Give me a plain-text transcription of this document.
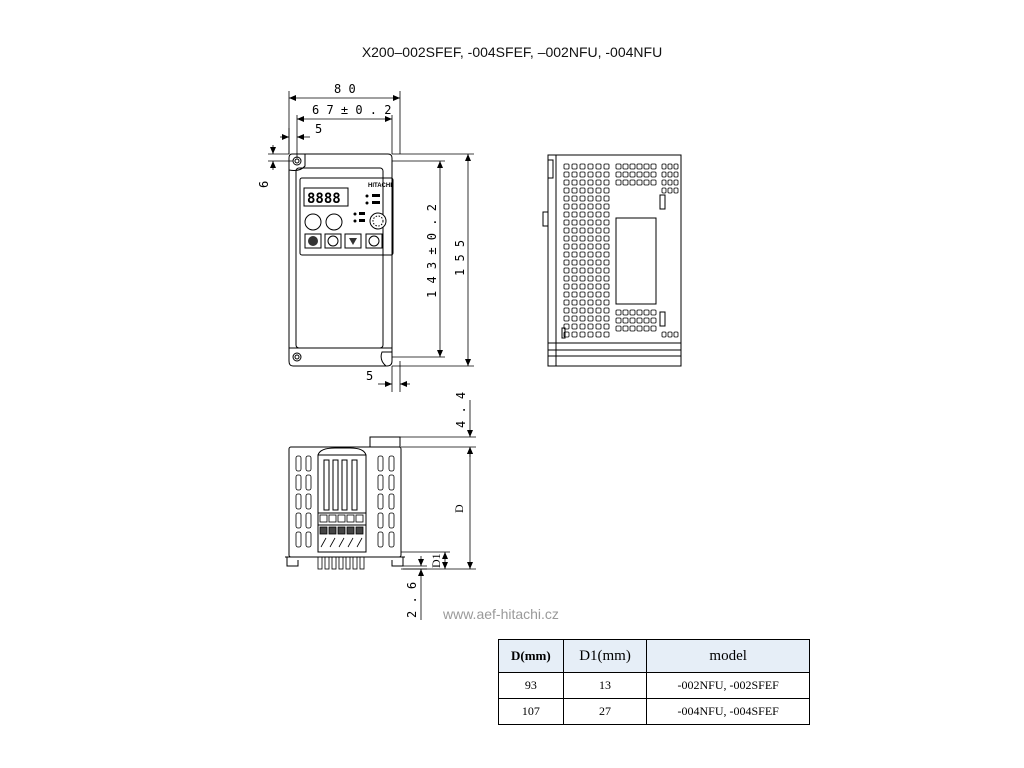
X200–002SFEF, -004SFEF, –002NFU, -004NFU
HITACHI
8888
8 0
6 7 ± 0 . 2
5
6
1 4 3 ± 0 . 2 1 5 5
5
4 . 4
D
D1
2 . 6 www.aef-hitachi.cz
D(mm)	D1(mm)	model
93	13	-002NFU, -002SFEF
107	27	-004NFU, -004SFEF
